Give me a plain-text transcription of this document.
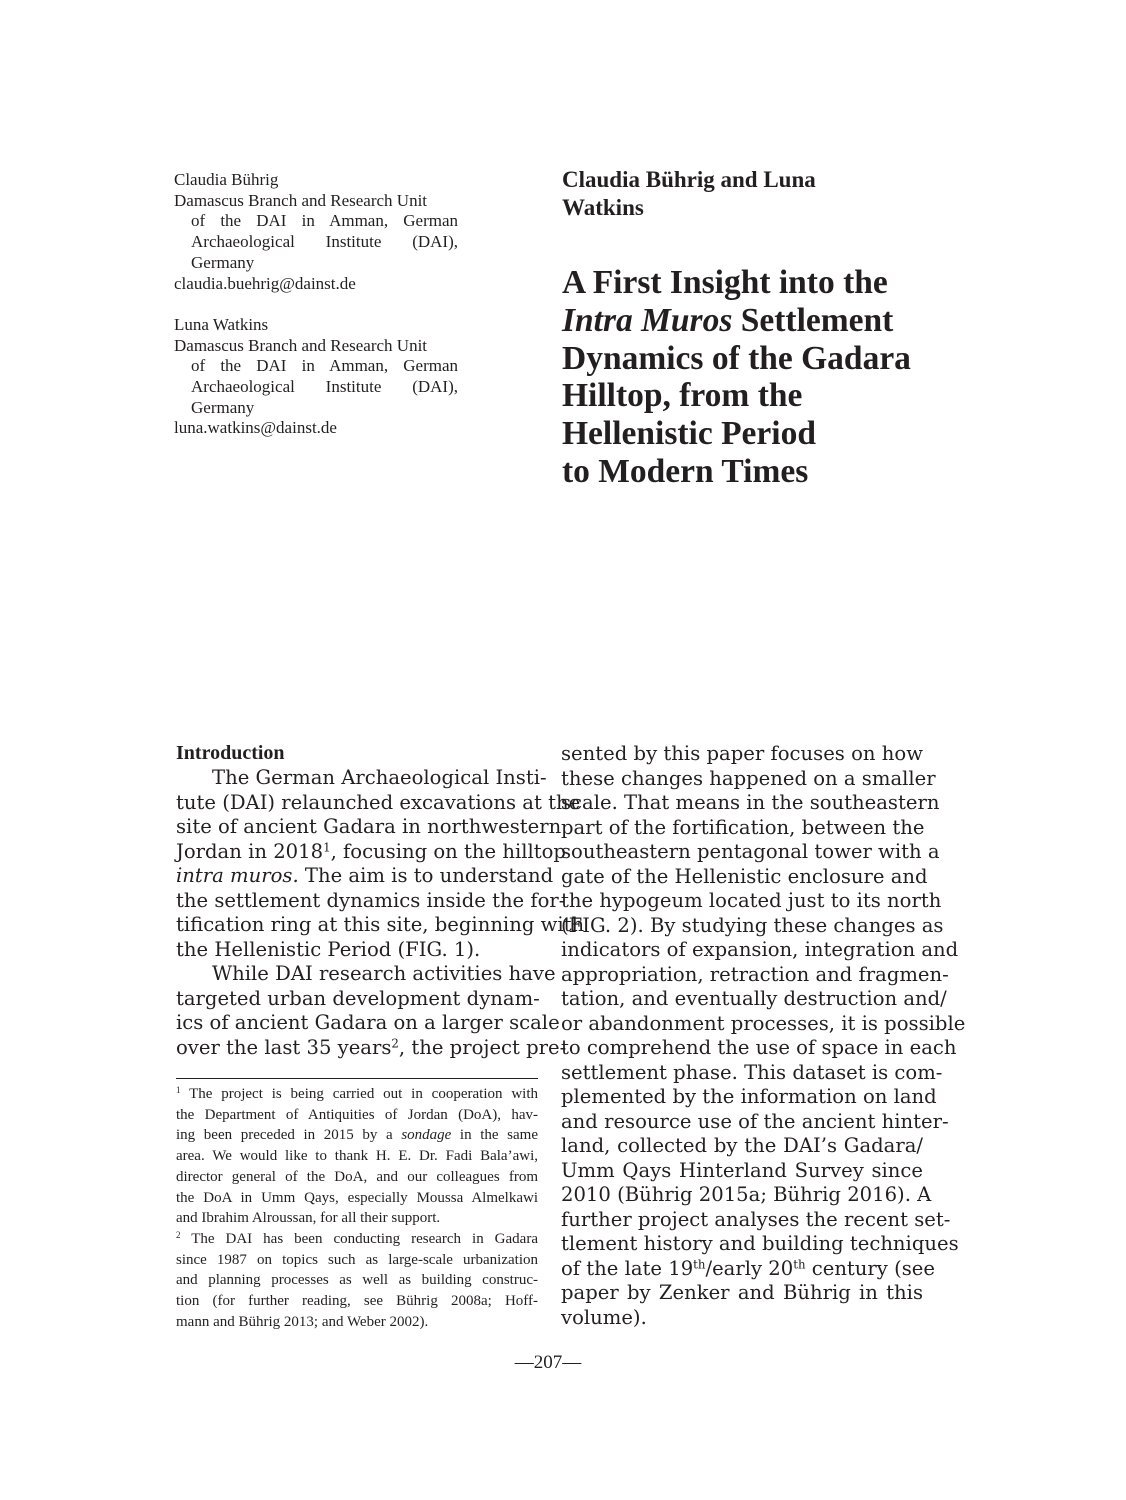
Claudia Bührig
Damascus Branch and Research Unit
of the DAI in Amman, German
Archaeological Institute (DAI),
Germany
claudia.buehrig@dainst.de
Luna Watkins
Damascus Branch and Research Unit
of the DAI in Amman, German
Archaeological Institute (DAI),
Germany
luna.watkins@dainst.de
Claudia Bührig and Luna
Watkins
A First Insight into the
Intra Muros Settlement
Dynamics of the Gadara
Hilltop, from the
Hellenistic Period
to Modern Times
Introduction
The German Archaeological Insti-
tute (DAI) relaunched excavations at the
site of ancient Gadara in northwestern
Jordan in 2018$^1$, focusing on the hilltop
intra muros. The aim is to understand
the settlement dynamics inside the for-
tification ring at this site, beginning with
the Hellenistic Period (FIG. 1).
While DAI research activities have
targeted urban development dynam-
ics of ancient Gadara on a larger scale
over the last 35 years$^2$, the project pre-
$^1$ The project is being carried out in cooperation with
the Department of Antiquities of Jordan (DoA), hav-
ing been preceded in 2015 by a sondage in the same
area. We would like to thank H. E. Dr. Fadi Bala’awi,
director general of the DoA, and our colleagues from
the DoA in Umm Qays, especially Moussa Almelkawi
and Ibrahim Alroussan, for all their support.
$^2$ The DAI has been conducting research in Gadara
since 1987 on topics such as large-scale urbanization
and planning processes as well as building construc-
tion (for further reading, see Bührig 2008a; Hoff-
mann and Bührig 2013; and Weber 2002).
sented by this paper focuses on how
these changes happened on a smaller
scale. That means in the southeastern
part of the fortification, between the
southeastern pentagonal tower with a
gate of the Hellenistic enclosure and
the hypogeum located just to its north
(FIG. 2). By studying these changes as
indicators of expansion, integration and
appropriation, retraction and fragmen-
tation, and eventually destruction and/
or abandonment processes, it is possible
to comprehend the use of space in each
settlement phase. This dataset is com-
plemented by the information on land
and resource use of the ancient hinter-
land, collected by the DAI’s Gadara/
Umm Qays Hinterland Survey since
2010 (Bührig 2015a; Bührig 2016). A
further project analyses the recent set-
tlement history and building techniques
of the late 19th/early 20th century (see
paper by Zenker and Bührig in this
volume).
—207—
